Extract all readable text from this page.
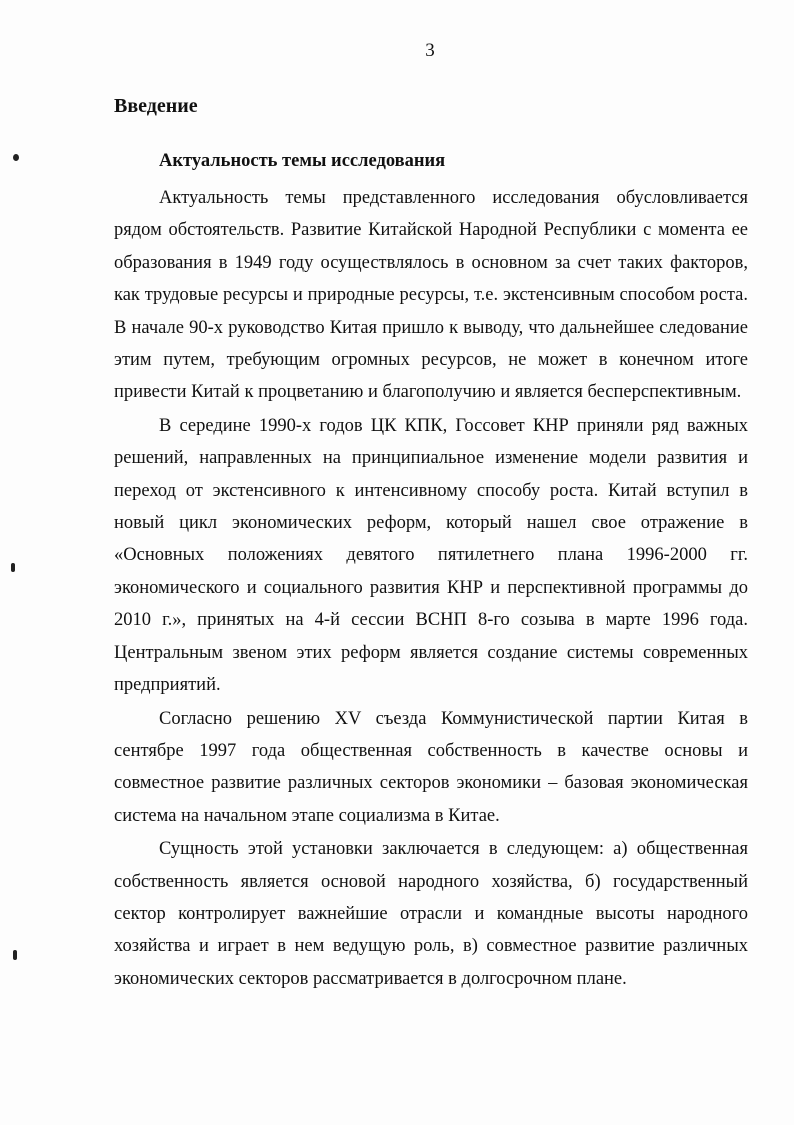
3
Введение
Актуальность темы исследования

Актуальность темы представленного исследования обусловливается рядом обстоятельств. Развитие Китайской Народной Республики с момента ее образования в 1949 году осуществлялось в основном за счет таких факторов, как трудовые ресурсы и природные ресурсы, т.е. экстенсивным способом роста. В начале 90-х руководство Китая пришло к выводу, что дальнейшее следование этим путем, требующим огромных ресурсов, не может в конечном итоге привести Китай к процветанию и благополучию и является бесперспективным.

В середине 1990-х годов ЦК КПК, Госсовет КНР приняли ряд важных решений, направленных на принципиальное изменение модели развития и переход от экстенсивного к интенсивному способу роста. Китай вступил в новый цикл экономических реформ, который нашел свое отражение в «Основных положениях девятого пятилетнего плана 1996-2000 гг. экономического и социального развития КНР и перспективной программы до 2010 г.», принятых на 4-й сессии ВСНП 8-го созыва в марте 1996 года. Центральным звеном этих реформ является создание системы современных предприятий.

Согласно решению XV съезда Коммунистической партии Китая в сентябре 1997 года общественная собственность в качестве основы и совместное развитие различных секторов экономики – базовая экономическая система на начальном этапе социализма в Китае.

Сущность этой установки заключается в следующем: а) общественная собственность является основой народного хозяйства, б) государственный сектор контролирует важнейшие отрасли и командные высоты народного хозяйства и играет в нем ведущую роль, в) совместное развитие различных экономических секторов рассматривается в долгосрочном плане.
